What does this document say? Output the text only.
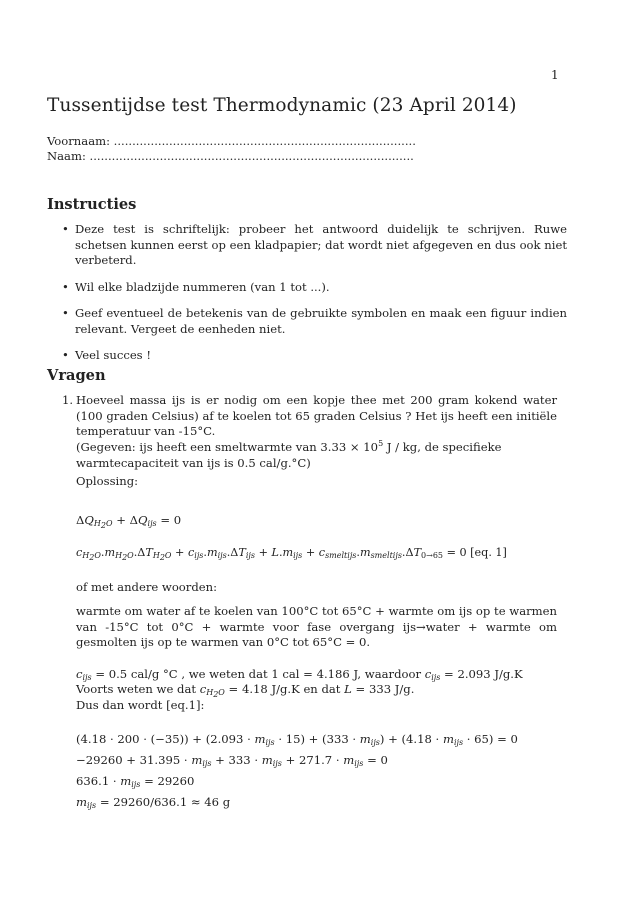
1
Tussentijdse test Thermodynamic (23 April 2014)
Voornaam: ..................................................................................
Naam: ........................................................................................
Instructies
• Deze test is schriftelijk: probeer het antwoord duidelijk te schrijven. Ruwe schetsen kunnen eerst op een kladpapier; dat wordt niet afgegeven en dus ook niet verbeterd.
• Wil elke bladzijde nummeren (van 1 tot ...).
• Geef eventueel de betekenis van de gebruikte symbolen en maak een figuur indien relevant. Vergeet de eenheden niet.
• Veel succes !
Vragen
1. Hoeveel massa ijs is er nodig om een kopje thee met 200 gram kokend water (100 graden Celsius) af te koelen tot 65 graden Celsius ? Het ijs heeft een initiële temperatuur van -15°C.
(Gegeven: ijs heeft een smeltwarmte van $3.33 \times 10^5$ J / kg, de specifieke warmtecapaciteit van ijs is 0.5 cal/g.°C)
Oplossing:
$\Delta Q_{H_2O} + \Delta Q_{ijs} = 0$
$c_{H_2O}.m_{H_2O}.\Delta T_{H_2O} + c_{ijs}.m_{ijs}.\Delta T_{ijs} + L.m_{ijs} + c_{smeltijs}.m_{smeltijs}.\Delta T_{0\to 65} = 0$ [eq. 1]
of met andere woorden:
warmte om water af te koelen van 100°C tot 65°C + warmte om ijs op te warmen van -15°C tot 0°C + warmte voor fase overgang ijs→water + warmte om gesmolten ijs op te warmen van 0°C tot 65°C = 0.
$c_{ijs} = 0.5$ cal/g °C , we weten dat 1 cal = 4.186 J, waardoor $c_{ijs} = 2.093$ J/g.K
Voorts weten we dat $c_{H_2O} = 4.18$ J/g.K en dat L = 333 J/g.
Dus dan wordt [eq.1]:
$(4.18 \cdot 200 \cdot (-35)) + (2.093 \cdot m_{ijs} \cdot 15) + (333 \cdot m_{ijs}) + (4.18 \cdot m_{ijs} \cdot 65) = 0$
$-29260 + 31.395 \cdot m_{ijs} + 333 \cdot m_{ijs} + 271.7 \cdot m_{ijs} = 0$
$636.1 \cdot m_{ijs} = 29260$
$m_{ijs} = 29260/636.1 \approx 46$ g
